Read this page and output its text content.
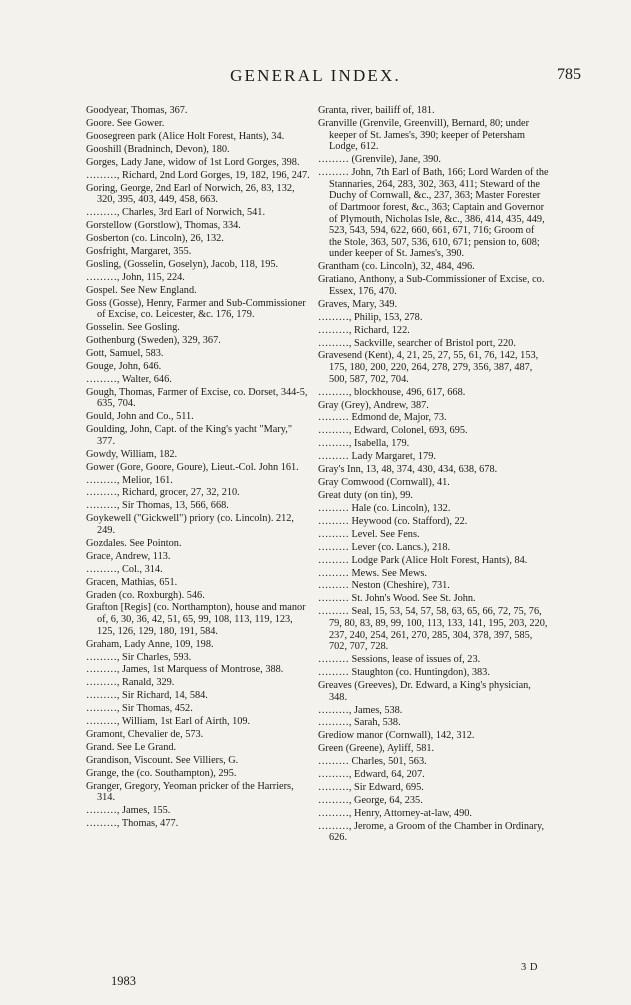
GENERAL INDEX.	785

Goodyear, Thomas, 367.

Goore. See Gower.

Goosegreen park (Alice Holt Forest, Hants), 34.

Gooshill (Bradninch, Devon), 180.

Gorges, Lady Jane, widow of 1st Lord Gorges, 398.

………, Richard, 2nd Lord Gorges, 19, 182, 196, 247.

Goring, George, 2nd Earl of Norwich, 26, 83, 132, 320, 395, 403, 449, 458, 663.

………, Charles, 3rd Earl of Norwich, 541.

Gorstellow (Gorstlow), Thomas, 334.

Gosberton (co. Lincoln), 26, 132.

Gosfright, Margaret, 355.

Gosling, (Gosselin, Goselyn), Jacob, 118, 195.

………, John, 115, 224.

Gospel. See New England.

Goss (Gosse), Henry, Farmer and Sub-Commissioner of Excise, co. Leicester, &c. 176, 179.

Gosselin. See Gosling.

Gothenburg (Sweden), 329, 367.

Gott, Samuel, 583.

Gouge, John, 646.

………, Walter, 646.

Gough, Thomas, Farmer of Excise, co. Dorset, 344-5, 635, 704.

Gould, John and Co., 511.

Goulding, John, Capt. of the King's yacht "Mary," 377.

Gowdy, William, 182.

Gower (Gore, Goore, Goure), Lieut.-Col. John 161.

………, Melior, 161.

………, Richard, grocer, 27, 32, 210.

………, Sir Thomas, 13, 566, 668.

Goykewell ("Gickwell") priory (co. Lincoln). 212, 249.

Gozdales. See Pointon.

Grace, Andrew, 113.

………, Col., 314.

Gracen, Mathias, 651.

Graden (co. Roxburgh). 546.

Grafton [Regis] (co. Northampton), house and manor of, 6, 30, 36, 42, 51, 65, 99, 108, 113, 119, 123, 125, 126, 129, 180, 191, 584.

Graham, Lady Anne, 109, 198.

………, Sir Charles, 593.

………, James, 1st Marquess of Montrose, 388.

………, Ranald, 329.

………, Sir Richard, 14, 584.

………, Sir Thomas, 452.

………, William, 1st Earl of Airth, 109.

Gramont, Chevalier de, 573.

Grand. See Le Grand.

Grandison, Viscount. See Villiers, G.

Grange, the (co. Southampton), 295.

Granger, Gregory, Yeoman pricker of the Harriers, 314.

………, James, 155.

………, Thomas, 477.

Granta, river, bailiff of, 181.

Granville (Grenvile, Greenvill), Bernard, 80; under keeper of St. James's, 390; keeper of Petersham Lodge, 612.

……… (Grenvile), Jane, 390.

……… John, 7th Earl of Bath, 166; Lord Warden of the Stannaries, 264, 283, 302, 363, 411; Steward of the Duchy of Cornwall, &c., 237, 363; Master Forester of Dartmoor forest, &c., 363; Captain and Governor of Plymouth, Nicholas Isle, &c., 386, 414, 435, 449, 523, 543, 594, 622, 660, 661, 671, 716; Groom of the Stole, 363, 507, 536, 610, 671; pension to, 608; under keeper of St. James's, 390.

Grantham (co. Lincoln), 32, 484, 496.

Gratiano, Anthony, a Sub-Commissioner of Excise, co. Essex, 176, 470.

Graves, Mary, 349.

………, Philip, 153, 278.

………, Richard, 122.

………, Sackville, searcher of Bristol port, 220.

Gravesend (Kent), 4, 21, 25, 27, 55, 61, 76, 142, 153, 175, 180, 200, 220, 264, 278, 279, 356, 387, 487, 500, 587, 702, 704.

………, blockhouse, 496, 617, 668.

Gray (Grey), Andrew, 387.

……… Edmond de, Major, 73.

………, Edward, Colonel, 693, 695.

………, Isabella, 179.

……… Lady Margaret, 179.

Gray's Inn, 13, 48, 374, 430, 434, 638, 678.

Gray Comwood (Cornwall), 41.

Great duty (on tin), 99.

……… Hale (co. Lincoln), 132.

……… Heywood (co. Stafford), 22.

……… Level. See Fens.

……… Lever (co. Lancs.), 218.

……… Lodge Park (Alice Holt Forest, Hants), 84.

……… Mews. See Mews.

……… Neston (Cheshire), 731.

……… St. John's Wood. See St. John.

……… Seal, 15, 53, 54, 57, 58, 63, 65, 66, 72, 75, 76, 79, 80, 83, 89, 99, 100, 113, 133, 141, 195, 203, 220, 237, 240, 254, 261, 270, 285, 304, 378, 397, 585, 702, 707, 728.

……… Sessions, lease of issues of, 23.

……… Staughton (co. Huntingdon), 383.

Greaves (Greeves), Dr. Edward, a King's physician, 348.

………, James, 538.

………, Sarah, 538.

Grediow manor (Cornwall), 142, 312.

Green (Greene), Ayliff, 581.

……… Charles, 501, 563.

………, Edward, 64, 207.

………, Sir Edward, 695.

………, George, 64, 235.

………, Henry, Attorney-at-law, 490.

………, Jerome, a Groom of the Chamber in Ordinary, 626.

1983
3 D
